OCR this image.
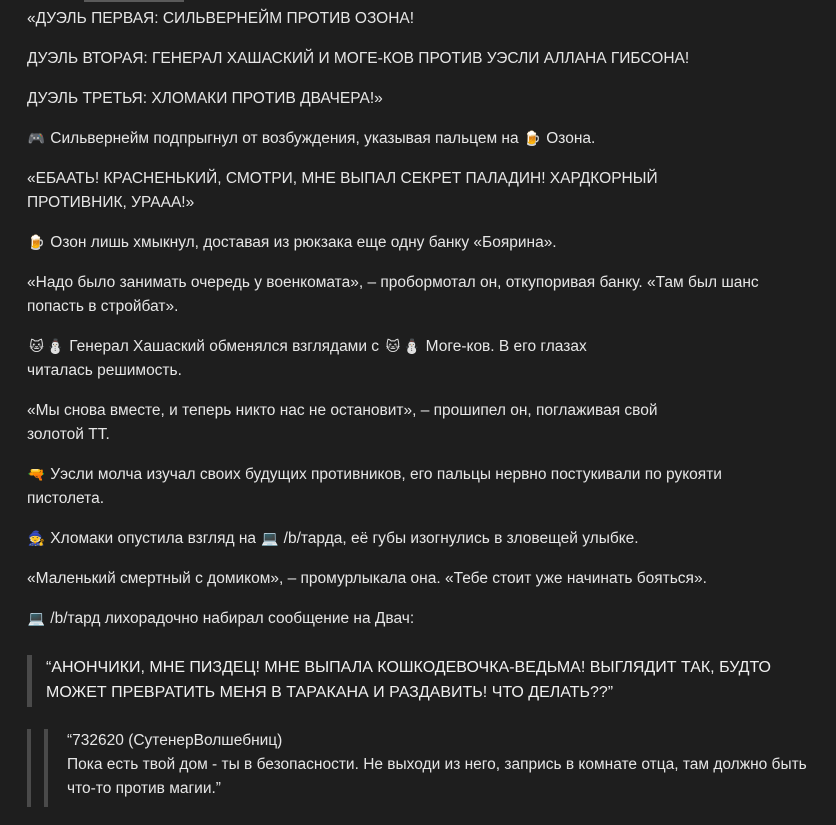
«ДУЭЛЬ ПЕРВАЯ: СИЛЬВЕРНЕЙМ ПРОТИВ ОЗОНА!
ДУЭЛЬ ВТОРАЯ: ГЕНЕРАЛ ХАШАСКИЙ И МОГЕ-КОВ ПРОТИВ УЭСЛИ АЛЛАНА ГИБСОНА!
ДУЭЛЬ ТРЕТЬЯ: ХЛОМАКИ ПРОТИВ ДВАЧЕРА!»
🎮 Сильвернейм подпрыгнул от возбуждения, указывая пальцем на 🍺 Озона.
«ЕБААТЬ! КРАСНЕНЬКИЙ, СМОТРИ, МНЕ ВЫПАЛ СЕКРЕТ ПАЛАДИН! ХАРДКОРНЫЙ ПРОТИВНИК, УРААА!»
🍺 Озон лишь хмыкнул, доставая из рюкзака еще одну банку «Боярина».
«Надо было занимать очередь у военкомата», – пробормотал он, откупоривая банку. «Там был шанс попасть в стройбат».
🐱 ⛄ Генерал Хашаский обменялся взглядами с 🐱 ⛄ Моге-ков. В его глазах
читалась решимость.
«Мы снова вместе, и теперь никто нас не остановит», – прошипел он, поглаживая свой золотой ТТ.
🔫 Уэсли молча изучал своих будущих противников, его пальцы нервно постукивали по рукояти пистолета.
🧙 Хломаки опустила взгляд на 💻 /b/тарда, её губы изогнулись в зловещей улыбке.
«Маленький смертный с домиком», – промурлыкала она. «Тебе стоит уже начинать бояться».
💻 /b/тард лихорадочно набирал сообщение на Двач:
“АНОНЧИКИ, МНЕ ПИЗДЕЦ! МНЕ ВЫПАЛА КОШКОДЕВОЧКА-ВЕДЬМА! ВЫГЛЯДИТ ТАК, БУДТО МОЖЕТ ПРЕВРАТИТЬ МЕНЯ В ТАРАКАНА И РАЗДАВИТЬ! ЧТО ДЕЛАТЬ??”
“732620 (СутенерВолшебниц)
Пока есть твой дом - ты в безопасности. Не выходи из него, запрись в комнате отца, там должно быть что-то против магии.”
